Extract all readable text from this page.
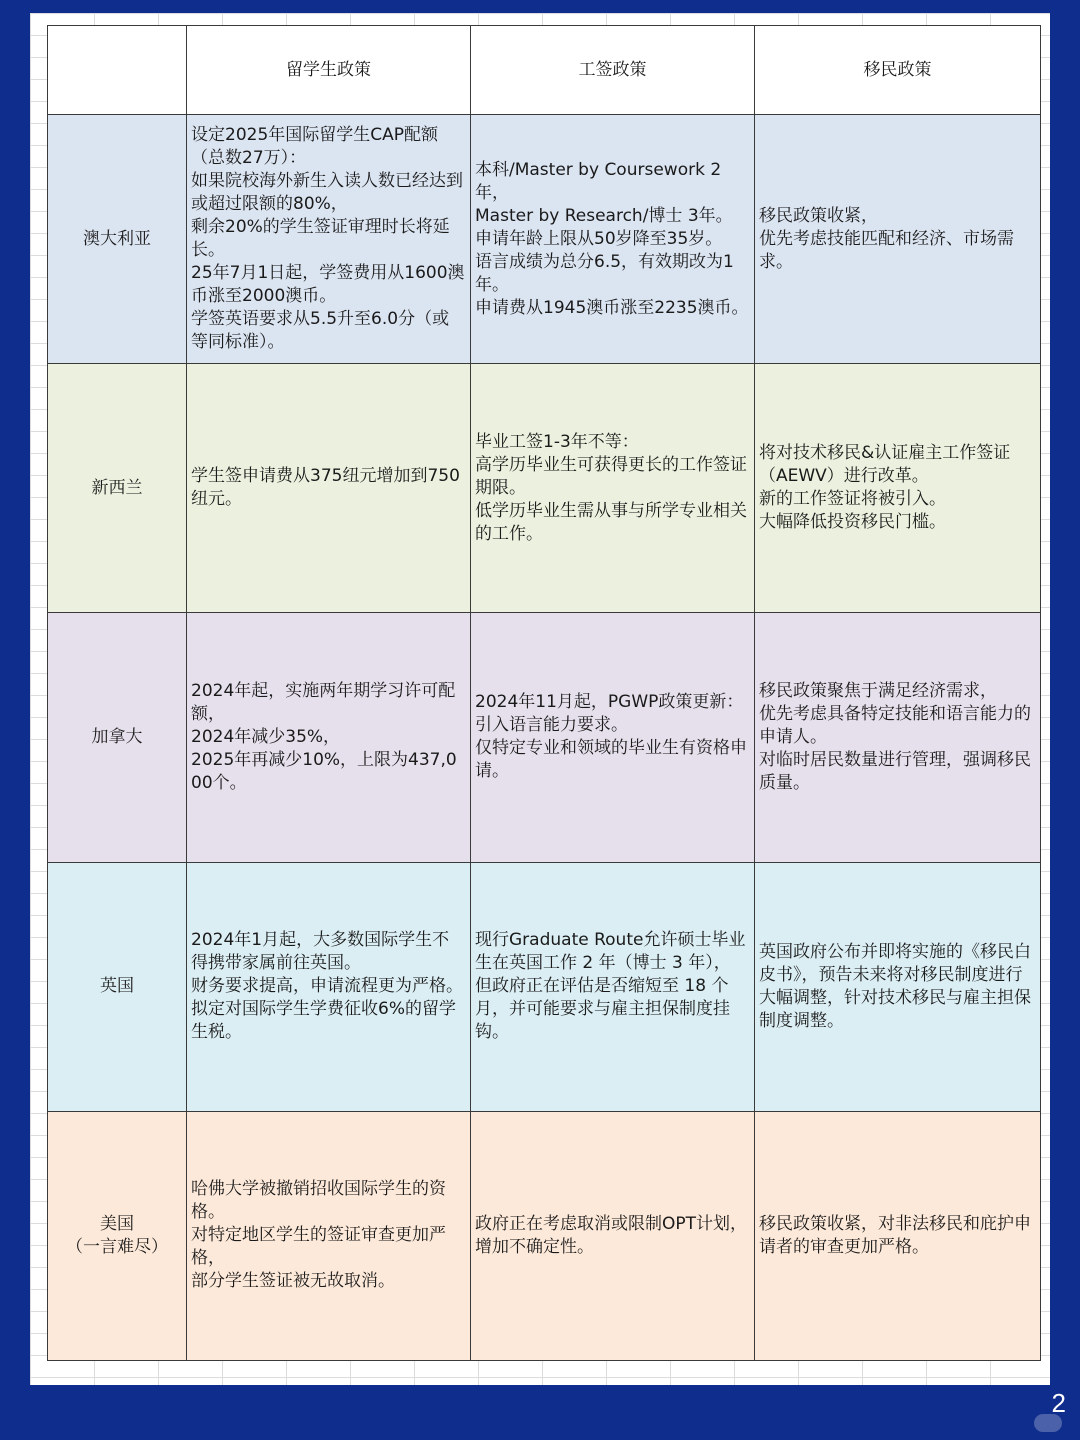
	留学生政策	工签政策	移民政策
澳大利亚	设定2025年国际留学生CAP配额（总数27万）：
如果院校海外新生入读人数已经达到或超过限额的80%，
剩余20%的学生签证审理时长将延长。
25年7月1日起，学签费用从1600澳币涨至2000澳币。
学签英语要求从5.5升至6.0分（或等同标准）。	本科/Master by Coursework 2年，
Master by Research/博士 3年。
申请年龄上限从50岁降至35岁。
语言成绩为总分6.5，有效期改为1年。
申请费从1945澳币涨至2235澳币。	移民政策收紧，
优先考虑技能匹配和经济、市场需求。
新西兰	学生签申请费从375纽元增加到750纽元。	毕业工签1-3年不等：
高学历毕业生可获得更长的工作签证期限。
低学历毕业生需从事与所学专业相关的工作。	将对技术移民&认证雇主工作签证（AEWV）进行改革。
新的工作签证将被引入。
大幅降低投资移民门槛。
加拿大	2024年起，实施两年期学习许可配额，
2024年减少35%，
2025年再减少10%，上限为437,000个。	2024年11月起，PGWP政策更新：
引入语言能力要求。
仅特定专业和领域的毕业生有资格申请。	移民政策聚焦于满足经济需求，
优先考虑具备特定技能和语言能力的申请人。
对临时居民数量进行管理，强调移民质量。
英国	2024年1月起，大多数国际学生不得携带家属前往英国。
财务要求提高，申请流程更为严格。
拟定对国际学生学费征收6%的留学生税。	现行Graduate Route允许硕士毕业生在英国工作 2 年（博士 3 年），
但政府正在评估是否缩短至 18 个月，并可能要求与雇主担保制度挂钩。	英国政府公布并即将实施的《移民白皮书》，预告未来将对移民制度进行大幅调整，针对技术移民与雇主担保制度调整。
美国
（一言难尽）	哈佛大学被撤销招收国际学生的资格。
对特定地区学生的签证审查更加严格，
部分学生签证被无故取消。	政府正在考虑取消或限制OPT计划，
增加不确定性。	移民政策收紧，对非法移民和庇护申请者的审查更加严格。
2
